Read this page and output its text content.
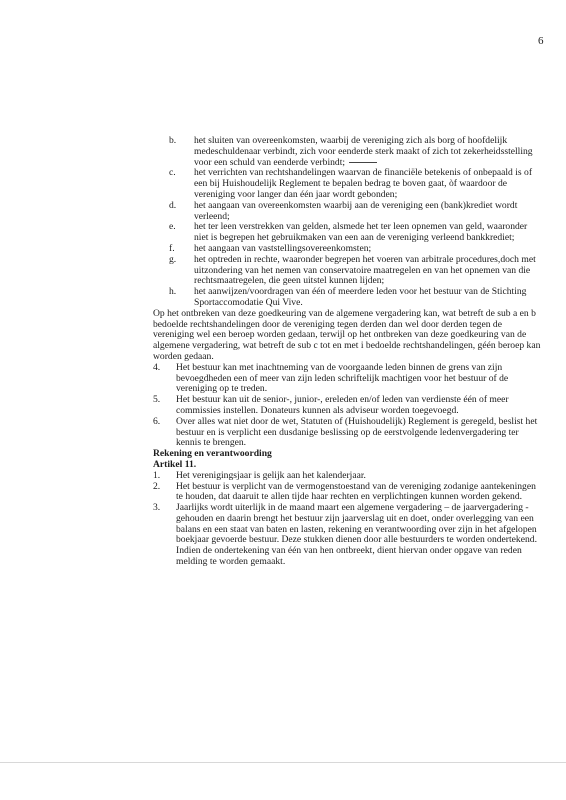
6
b.	het sluiten van overeenkomsten, waarbij de vereniging zich als borg of hoofdelijk medeschuldenaar verbindt, zich voor eenderde sterk maakt of zich tot zekerheidsstelling voor een schuld van eenderde verbindt;
c.	het verrichten van rechtshandelingen waarvan de financiële betekenis of onbepaald is of een bij Huishoudelijk Reglement te bepalen bedrag te boven gaat, òf waardoor de vereniging voor langer dan één jaar wordt gebonden;
d.	het aangaan van overeenkomsten waarbij aan de vereniging een (bank)krediet wordt verleend;
e.	het ter leen verstrekken van gelden, alsmede het ter leen opnemen van geld, waaronder niet is begrepen het gebruikmaken van een aan de vereniging verleend bankkrediet;
f.	het aangaan van vaststellingsovereenkomsten;
g.	het optreden in rechte, waaronder begrepen het voeren van arbitrale procedures,doch met uitzondering van het nemen van conservatoire maatregelen en van het opnemen van die rechtsmaatregelen, die geen uitstel kunnen lijden;
h.	het aanwijzen/voordragen van één of meerdere leden voor het bestuur van de Stichting Sportaccomodatie Qui Vive.
Op het ontbreken van deze goedkeuring van de algemene vergadering kan, wat betreft de sub a en b bedoelde rechtshandelingen door de vereniging tegen derden dan wel door derden tegen de vereniging wel een beroep worden gedaan, terwijl op het ontbreken van deze goedkeuring van de algemene vergadering, wat betreft de sub c tot en met i bedoelde rechtshandelingen, géén beroep kan worden gedaan.
4.	Het bestuur kan met inachtneming van de voorgaande leden binnen de grens van zijn bevoegdheden een of meer van zijn leden schriftelijk machtigen voor het bestuur of de vereniging op te treden.
5.	Het bestuur kan uit de senior-, junior-, ereleden en/of leden van verdienste één of meer commissies instellen. Donateurs kunnen als adviseur worden toegevoegd.
6.	Over alles wat niet door de wet, Statuten of (Huishoudelijk) Reglement is geregeld, beslist het bestuur en is verplicht een dusdanige beslissing op de eerstvolgende ledenvergadering ter kennis te brengen.
Rekening en verantwoording
Artikel 11.
1.	Het verenigingsjaar is gelijk aan het kalenderjaar.
2.	Het bestuur is verplicht van de vermogenstoestand van de vereniging zodanige aantekeningen te houden, dat daaruit te allen tijde haar rechten en verplichtingen kunnen worden gekend.
3.	Jaarlijks wordt uiterlijk in de maand maart een algemene vergadering – de jaarvergadering - gehouden en daarin brengt het bestuur zijn jaarverslag uit en doet, onder overlegging van een balans en een staat van baten en lasten, rekening en verantwoording over zijn in het afgelopen boekjaar gevoerde bestuur. Deze stukken dienen door alle bestuurders te worden ondertekend. Indien de ondertekening van één van hen ontbreekt, dient hiervan onder opgave van reden melding te worden gemaakt.
